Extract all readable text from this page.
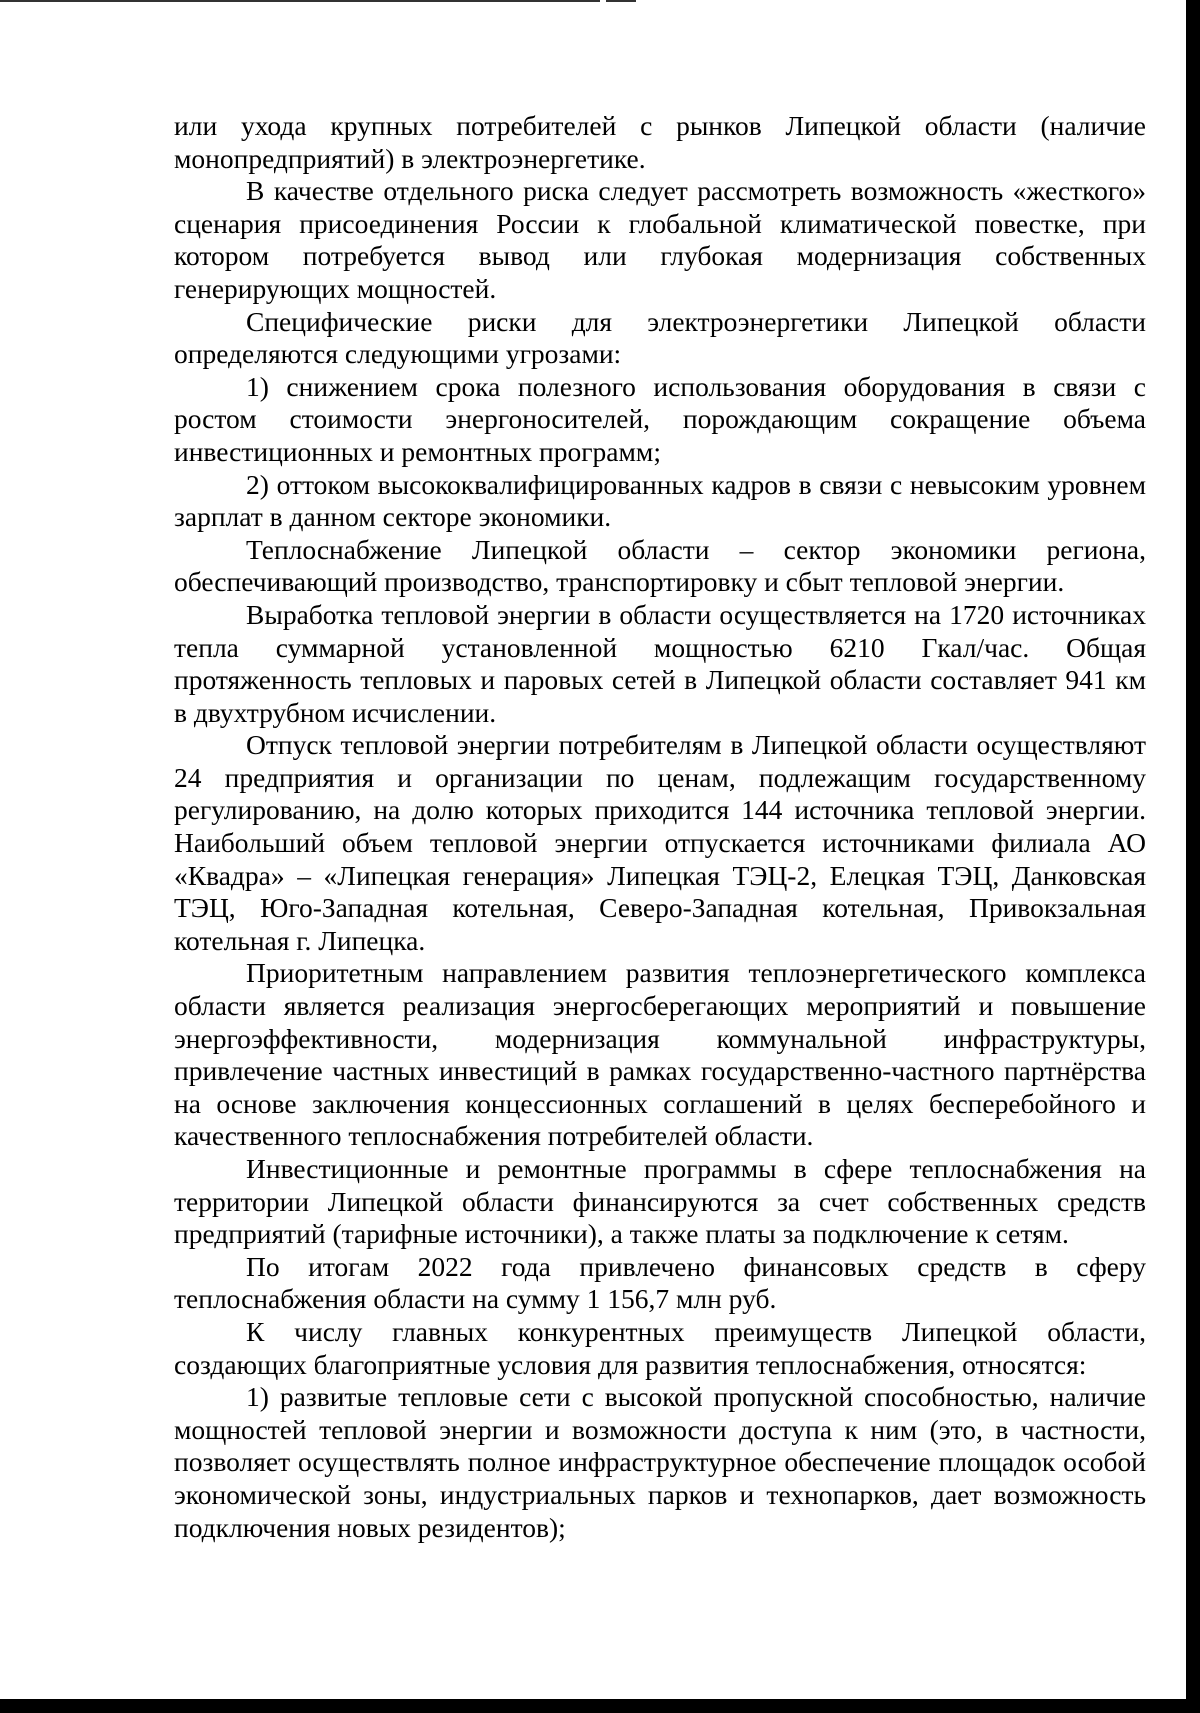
или ухода крупных потребителей с рынков Липецкой области (наличие монопредприятий) в электроэнергетике.

В качестве отдельного риска следует рассмотреть возможность «жесткого» сценария присоединения России к глобальной климатической повестке, при котором потребуется вывод или глубокая модернизация собственных генерирующих мощностей.

Специфические риски для электроэнергетики Липецкой области определяются следующими угрозами:

1) снижением срока полезного использования оборудования в связи с ростом стоимости энергоносителей, порождающим сокращение объема инвестиционных и ремонтных программ;

2) оттоком высококвалифицированных кадров в связи с невысоким уровнем зарплат в данном секторе экономики.

Теплоснабжение Липецкой области – сектор экономики региона, обеспечивающий производство, транспортировку и сбыт тепловой энергии.

Выработка тепловой энергии в области осуществляется на 1720 источниках тепла суммарной установленной мощностью 6210 Гкал/час. Общая протяженность тепловых и паровых сетей в Липецкой области составляет 941 км в двухтрубном исчислении.

Отпуск тепловой энергии потребителям в Липецкой области осуществляют 24 предприятия и организации по ценам, подлежащим государственному регулированию, на долю которых приходится 144 источника тепловой энергии. Наибольший объем тепловой энергии отпускается источниками филиала АО «Квадра» – «Липецкая генерация» Липецкая ТЭЦ-2, Елецкая ТЭЦ, Данковская ТЭЦ, Юго-Западная котельная, Северо-Западная котельная, Привокзальная котельная г. Липецка.

Приоритетным направлением развития теплоэнергетического комплекса области является реализация энергосберегающих мероприятий и повышение энергоэффективности, модернизация коммунальной инфраструктуры, привлечение частных инвестиций в рамках государственно-частного партнёрства на основе заключения концессионных соглашений в целях бесперебойного и качественного теплоснабжения потребителей области.

Инвестиционные и ремонтные программы в сфере теплоснабжения на территории Липецкой области финансируются за счет собственных средств предприятий (тарифные источники), а также платы за подключение к сетям.

По итогам 2022 года привлечено финансовых средств в сферу теплоснабжения области на сумму 1 156,7 млн руб.

К числу главных конкурентных преимуществ Липецкой области, создающих благоприятные условия для развития теплоснабжения, относятся:

1) развитые тепловые сети с высокой пропускной способностью, наличие мощностей тепловой энергии и возможности доступа к ним (это, в частности, позволяет осуществлять полное инфраструктурное обеспечение площадок особой экономической зоны, индустриальных парков и технопарков, дает возможность подключения новых резидентов);
